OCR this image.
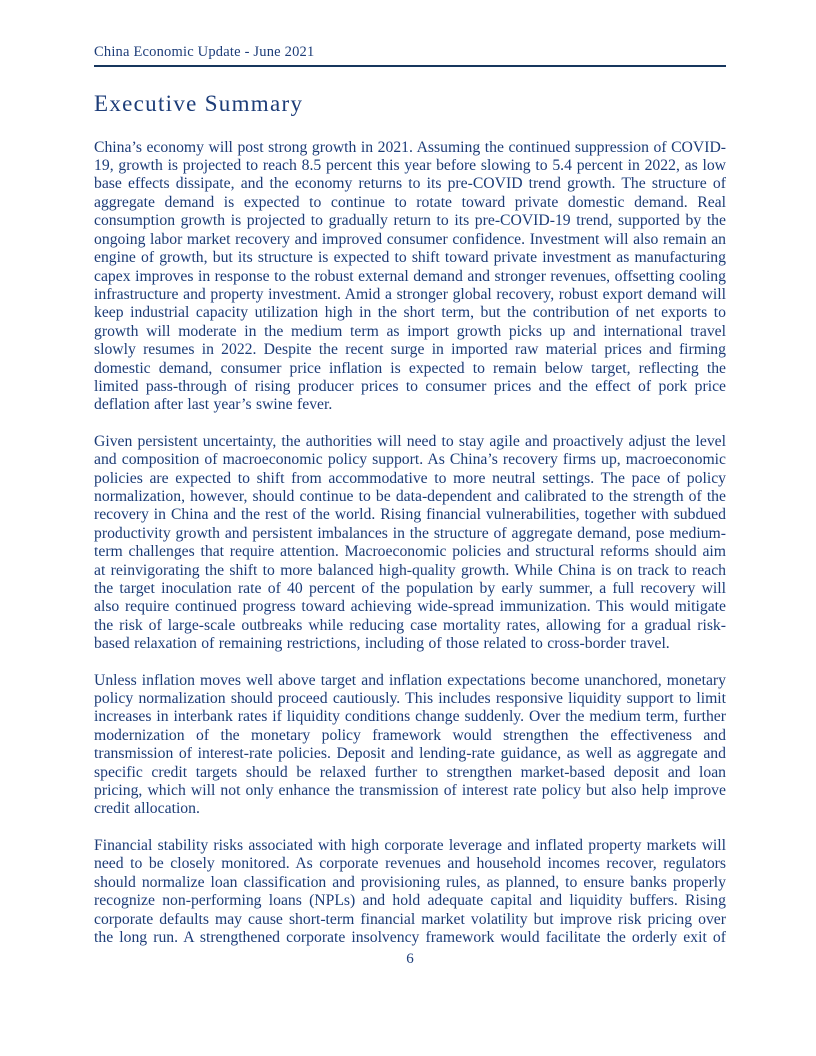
China Economic Update - June 2021
Executive Summary

China’s economy will post strong growth in 2021. Assuming the continued suppression of COVID-19, growth is projected to reach 8.5 percent this year before slowing to 5.4 percent in 2022, as low base effects dissipate, and the economy returns to its pre-COVID trend growth. The structure of aggregate demand is expected to continue to rotate toward private domestic demand. Real consumption growth is projected to gradually return to its pre-COVID-19 trend, supported by the ongoing labor market recovery and improved consumer confidence. Investment will also remain an engine of growth, but its structure is expected to shift toward private investment as manufacturing capex improves in response to the robust external demand and stronger revenues, offsetting cooling infrastructure and property investment. Amid a stronger global recovery, robust export demand will keep industrial capacity utilization high in the short term, but the contribution of net exports to growth will moderate in the medium term as import growth picks up and international travel slowly resumes in 2022. Despite the recent surge in imported raw material prices and firming domestic demand, consumer price inflation is expected to remain below target, reflecting the limited pass-through of rising producer prices to consumer prices and the effect of pork price deflation after last year’s swine fever.

Given persistent uncertainty, the authorities will need to stay agile and proactively adjust the level and composition of macroeconomic policy support. As China’s recovery firms up, macroeconomic policies are expected to shift from accommodative to more neutral settings. The pace of policy normalization, however, should continue to be data-dependent and calibrated to the strength of the recovery in China and the rest of the world. Rising financial vulnerabilities, together with subdued productivity growth and persistent imbalances in the structure of aggregate demand, pose medium-term challenges that require attention. Macroeconomic policies and structural reforms should aim at reinvigorating the shift to more balanced high-quality growth. While China is on track to reach the target inoculation rate of 40 percent of the population by early summer, a full recovery will also require continued progress toward achieving wide-spread immunization. This would mitigate the risk of large-scale outbreaks while reducing case mortality rates, allowing for a gradual risk-based relaxation of remaining restrictions, including of those related to cross-border travel.

Unless inflation moves well above target and inflation expectations become unanchored, monetary policy normalization should proceed cautiously. This includes responsive liquidity support to limit increases in interbank rates if liquidity conditions change suddenly. Over the medium term, further modernization of the monetary policy framework would strengthen the effectiveness and transmission of interest-rate policies. Deposit and lending-rate guidance, as well as aggregate and specific credit targets should be relaxed further to strengthen market-based deposit and loan pricing, which will not only enhance the transmission of interest rate policy but also help improve credit allocation.

Financial stability risks associated with high corporate leverage and inflated property markets will need to be closely monitored. As corporate revenues and household incomes recover, regulators should normalize loan classification and provisioning rules, as planned, to ensure banks properly recognize non-performing loans (NPLs) and hold adequate capital and liquidity buffers. Rising corporate defaults may cause short-term financial market volatility but improve risk pricing over the long run. A strengthened corporate insolvency framework would facilitate the orderly exit of

6
